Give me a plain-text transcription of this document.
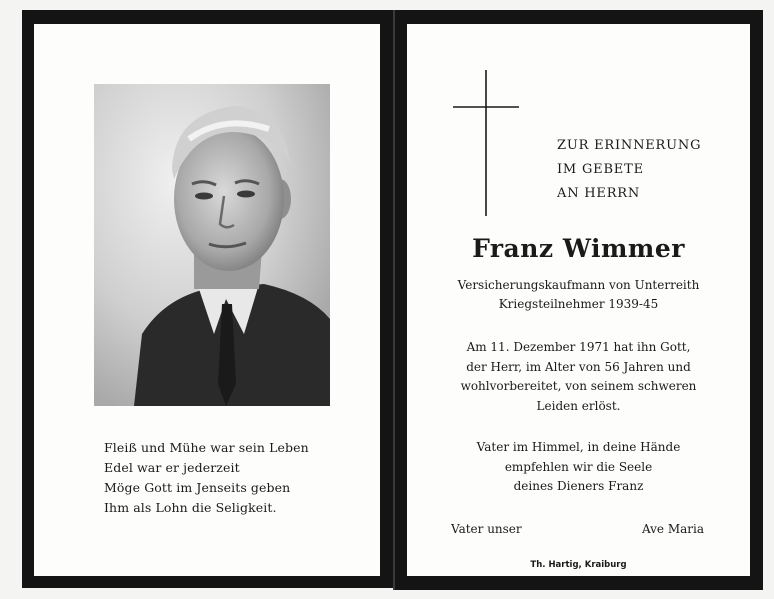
Fleiß und Mühe war sein Leben
Edel war er jederzeit
Möge Gott im Jenseits geben
Ihm als Lohn die Seligkeit.
ZUR ERINNERUNG
IM GEBETE
AN HERRN
Franz Wimmer
Versicherungskaufmann von Unterreith
Kriegsteilnehmer 1939-45
Am 11. Dezember 1971 hat ihn Gott,
der Herr, im Alter von 56 Jahren und
wohlvorbereitet, von seinem schweren
Leiden erlöst.
Vater im Himmel, in deine Hände
empfehlen wir die Seele
deines Dieners Franz
Vater unser	Ave Maria
Th. Hartig, Kraiburg
